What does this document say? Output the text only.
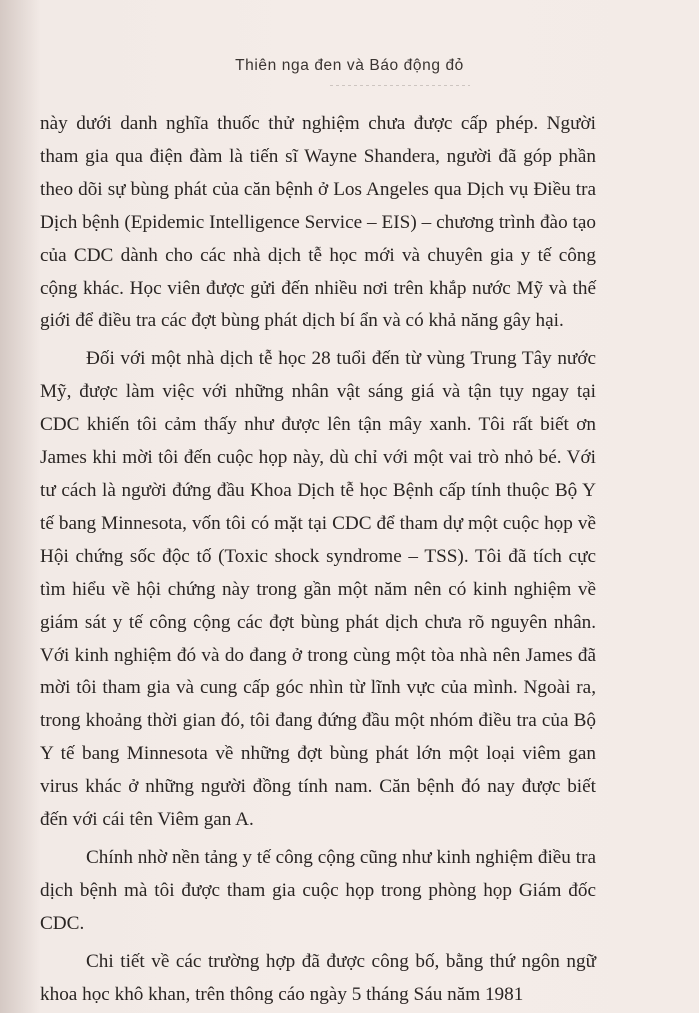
Thiên nga đen và Báo động đỏ

này dưới danh nghĩa thuốc thử nghiệm chưa được cấp phép. Người tham gia qua điện đàm là tiến sĩ Wayne Shandera, người đã góp phần theo dõi sự bùng phát của căn bệnh ở Los Angeles qua Dịch vụ Điều tra Dịch bệnh (Epidemic Intelligence Service – EIS) – chương trình đào tạo của CDC dành cho các nhà dịch tễ học mới và chuyên gia y tế công cộng khác. Học viên được gửi đến nhiều nơi trên khắp nước Mỹ và thế giới để điều tra các đợt bùng phát dịch bí ẩn và có khả năng gây hại.

Đối với một nhà dịch tễ học 28 tuổi đến từ vùng Trung Tây nước Mỹ, được làm việc với những nhân vật sáng giá và tận tụy ngay tại CDC khiến tôi cảm thấy như được lên tận mây xanh. Tôi rất biết ơn James khi mời tôi đến cuộc họp này, dù chỉ với một vai trò nhỏ bé. Với tư cách là người đứng đầu Khoa Dịch tễ học Bệnh cấp tính thuộc Bộ Y tế bang Minnesota, vốn tôi có mặt tại CDC để tham dự một cuộc họp về Hội chứng sốc độc tố (Toxic shock syndrome – TSS). Tôi đã tích cực tìm hiểu về hội chứng này trong gần một năm nên có kinh nghiệm về giám sát y tế công cộng các đợt bùng phát dịch chưa rõ nguyên nhân. Với kinh nghiệm đó và do đang ở trong cùng một tòa nhà nên James đã mời tôi tham gia và cung cấp góc nhìn từ lĩnh vực của mình. Ngoài ra, trong khoảng thời gian đó, tôi đang đứng đầu một nhóm điều tra của Bộ Y tế bang Minnesota về những đợt bùng phát lớn một loại viêm gan virus khác ở những người đồng tính nam. Căn bệnh đó nay được biết đến với cái tên Viêm gan A.

Chính nhờ nền tảng y tế công cộng cũng như kinh nghiệm điều tra dịch bệnh mà tôi được tham gia cuộc họp trong phòng họp Giám đốc CDC.

Chi tiết về các trường hợp đã được công bố, bằng thứ ngôn ngữ khoa học khô khan, trên thông cáo ngày 5 tháng Sáu năm 1981
